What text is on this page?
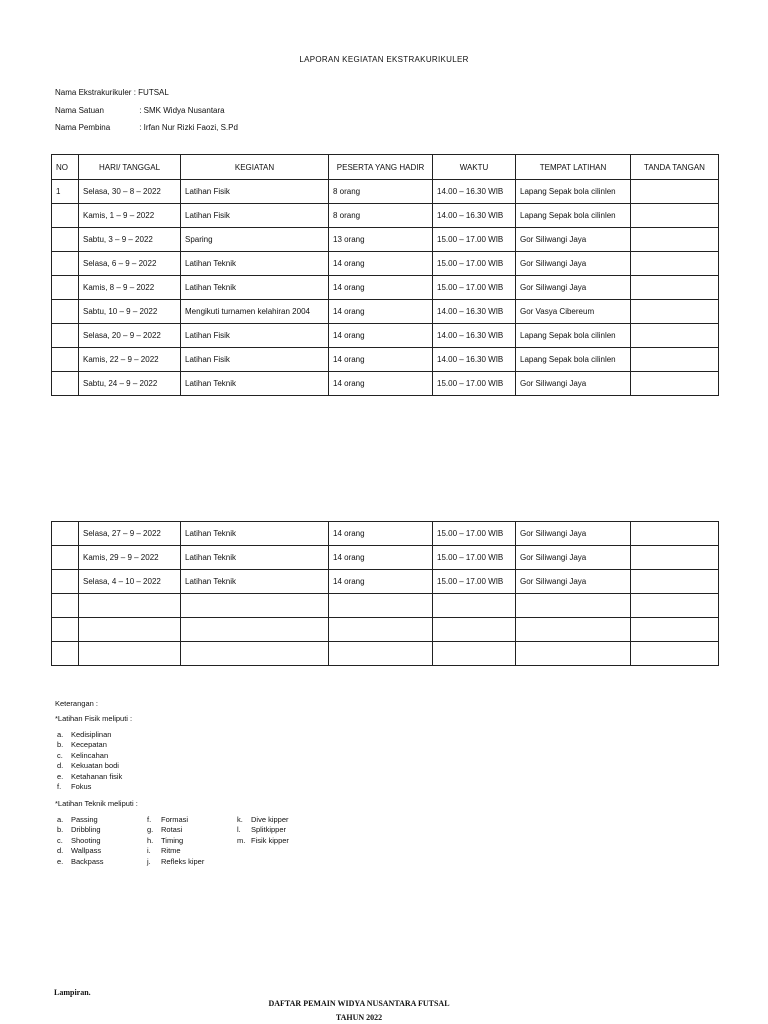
LAPORAN KEGIATAN EKSTRAKURIKULER
Nama Ekstrakurikuler : FUTSAL
Nama Satuan	: SMK Widya Nusantara
Nama Pembina	: Irfan Nur Rizki Faozi, S.Pd
NO	HARI/ TANGGAL	KEGIATAN	PESERTA YANG HADIR	WAKTU	TEMPAT LATIHAN	TANDA TANGAN
1	Selasa, 30 – 8 – 2022	Latihan Fisik	8 orang	14.00 – 16.30 WIB	Lapang Sepak bola cilinlen	
	Kamis, 1 – 9 – 2022	Latihan Fisik	8 orang	14.00 – 16.30 WIB	Lapang Sepak bola cilinlen	
	Sabtu, 3 – 9 – 2022	Sparing	13 orang	15.00 – 17.00 WIB	Gor Siliwangi Jaya	
	Selasa, 6 – 9 – 2022	Latihan Teknik	14 orang	15.00 – 17.00 WIB	Gor Siliwangi Jaya	
	Kamis, 8 – 9 – 2022	Latihan Teknik	14 orang	15.00 – 17.00 WIB	Gor Siliwangi Jaya	
	Sabtu, 10 – 9 – 2022	Mengikuti turnamen kelahiran 2004	14 orang	14.00 – 16.30 WIB	Gor Vasya Cibereum	
	Selasa, 20 – 9 – 2022	Latihan Fisik	14 orang	14.00 – 16.30 WIB	Lapang Sepak bola cilinlen	
	Kamis, 22 – 9 – 2022	Latihan Fisik	14 orang	14.00 – 16.30 WIB	Lapang Sepak bola cilinlen	
	Sabtu, 24 – 9 – 2022	Latihan Teknik	14 orang	15.00 – 17.00 WIB	Gor Siliwangi Jaya	
	Selasa, 27 – 9 – 2022	Latihan Teknik	14 orang	15.00 – 17.00 WIB	Gor Siliwangi Jaya	
	Kamis, 29 – 9 – 2022	Latihan Teknik	14 orang	15.00 – 17.00 WIB	Gor Siliwangi Jaya	
	Selasa, 4 – 10 – 2022	Latihan Teknik	14 orang	15.00 – 17.00 WIB	Gor Siliwangi Jaya	

Keterangan :
*Latihan Fisik meliputi :
a. Kedisiplinan
b. Kecepatan
c. Kelincahan
d. Kekuatan bodi
e. Ketahanan fisik
f. Fokus
*Latihan Teknik meliputi :
a. Passing
b. Dribbling
c. Shooting
d. Wallpass
e. Backpass
f. Formasi
g. Rotasi
h. Timing
i. Ritme
j. Refleks kiper
k. Dive kipper
l. Splitkipper
m. Fisik kipper
Lampiran.
DAFTAR PEMAIN WIDYA NUSANTARA FUTSAL
TAHUN 2022
